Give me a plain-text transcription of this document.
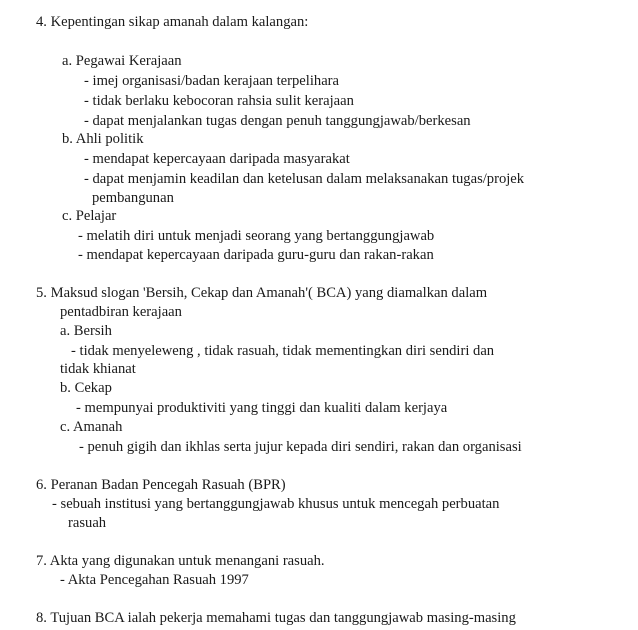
4. Kepentingan sikap amanah dalam kalangan:
a. Pegawai Kerajaan
- imej organisasi/badan kerajaan terpelihara
- tidak berlaku kebocoran rahsia sulit kerajaan
- dapat menjalankan tugas dengan penuh tanggungjawab/berkesan
b. Ahli politik
- mendapat kepercayaan daripada masyarakat
- dapat menjamin keadilan dan ketelusan dalam melaksanakan tugas/projek
pembangunan
c. Pelajar
- melatih diri untuk menjadi seorang yang bertanggungjawab
- mendapat kepercayaan daripada guru-guru dan rakan-rakan
5. Maksud slogan 'Bersih, Cekap dan Amanah'( BCA) yang diamalkan dalam
pentadbiran kerajaan
a. Bersih
- tidak menyeleweng , tidak rasuah, tidak mementingkan diri sendiri dan
tidak khianat
b. Cekap
- mempunyai produktiviti yang tinggi dan kualiti dalam kerjaya
c. Amanah
- penuh gigih dan ikhlas serta jujur kepada diri sendiri, rakan dan organisasi
6. Peranan Badan Pencegah Rasuah (BPR)
- sebuah institusi yang bertanggungjawab khusus untuk mencegah perbuatan
rasuah
7. Akta yang digunakan untuk menangani rasuah.
- Akta Pencegahan Rasuah 1997
8. Tujuan BCA ialah pekerja memahami tugas dan tanggungjawab masing-masing
